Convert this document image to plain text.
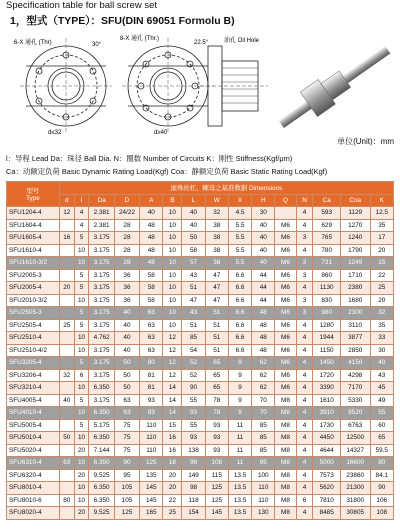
Specification table for ball screw set
1，型式（TYPE）：SFU(DIN 69051 Formolu B)
6-X 通孔 (Thr)
d≤32
8-X 通孔 (Thr.)
30°	22.5°
d≥40
油孔 Oil Hole
单位(Unit)：mm
l：导程 Lead Da：珠径 Ball Dia. N：圈数 Number of Circuits K：刚性 Stiffness(Kgf/μm)
Ca：动额定负荷 Basic Dynamic Rating Load(Kgf) Coa：静额定负荷 Basic Static Rating Load(Kgf)
型号
Type	滚珠丝杠、螺母之基准数据 Dimensions														
	d	l	Da	D	A	B	L	W	X	H	Q	N	Ca	Coa	K
SFU1204-4	12	4	2.381	24/22	40	10	40	32	4.5	30		4	593	1129	12.5
SFU1604-4		4	2.381	28	48	10	40	38	5.5	40	M6	4	629	1270	35
SFU1605-4	16	5	3.175	28	48	10	50	38	5.5	40	M6	3	765	1240	17
SFU1610-4		10	3.175	28	48	10	58	38	5.5	40	M6	4	780	1790	20
SFU1610-3/2		10	3.175	28	48	10	57	38	5.5	40	M6	3	731	1249	15
SFU2005-3		5	3.175	36	58	10	43	47	6.6	44	M6	3	860	1710	22
SFU2005-4	20	5	3.175	36	58	10	51	47	6.6	44	M6	4	1130	2380	25
SFU2010-3/2		10	3.175	36	58	10	47	47	6.6	44	M6	3	830	1680	20
SFU2505-3		5	3.175	40	63	10	43	51	6.6	48	M6	3	980	2300	32
SFU2505-4	25	5	3.175	40	63	10	51	51	6.6	48	M6	4	1280	3110	35
SFU2510-4		10	4.762	40	63	12	85	51	6.6	48	M6	4	1944	3877	33
SFU2510-4/2		10	3.175	40	63	12	54	51	6.6	48	M6	4	1150	2850	30
SFU3205-4		5	3.175	50	80	12	52	65	9	62	M6	4	1450	4150	40
SFU3206-4	32	6	3.175	50	81	12	52	65	9	62	M6	4	1720	4298	43
SFU3210-4		10	6.350	50	81	14	90	65	9	62	M6	4	3390	7170	45
SFU4005-4	40	5	3.175	63	93	14	55	78	9	70	M8	4	1610	5330	49
SFU4010-4		10	6.350	63	93	14	93	78	9	70	M8	4	3910	9520	55
SFU5005-4		5	5.175	75	110	15	55	93	11	85	M8	4	1730	6763	60
SFU5010-4	50	10	6.350	75	110	16	93	93	11	85	M8	4	4450	12500	65
SFU5020-4		20	7.144	75	110	16	138	93	11	85	M8	4	4644	14327	59.5
SFU6310-4	63	10	6.350	90	125	18	98	108	11	95	M8	4	5000	16600	80
SFU6320-4		20	9.525	95	135	20	149	115	13.5	100	M8	4	7573	23860	84.1
SFU8010-4		10	6.350	105	145	20	98	125	13.5	110	M8	4	5620	21300	90
SFU8010-6	80	10	6.350	105	145	22	118	125	13.5	110	M8	6	7810	31800	106
SFU8020-4		20	9.525	125	165	25	154	145	13.5	130	M8	4	8485	30805	108
